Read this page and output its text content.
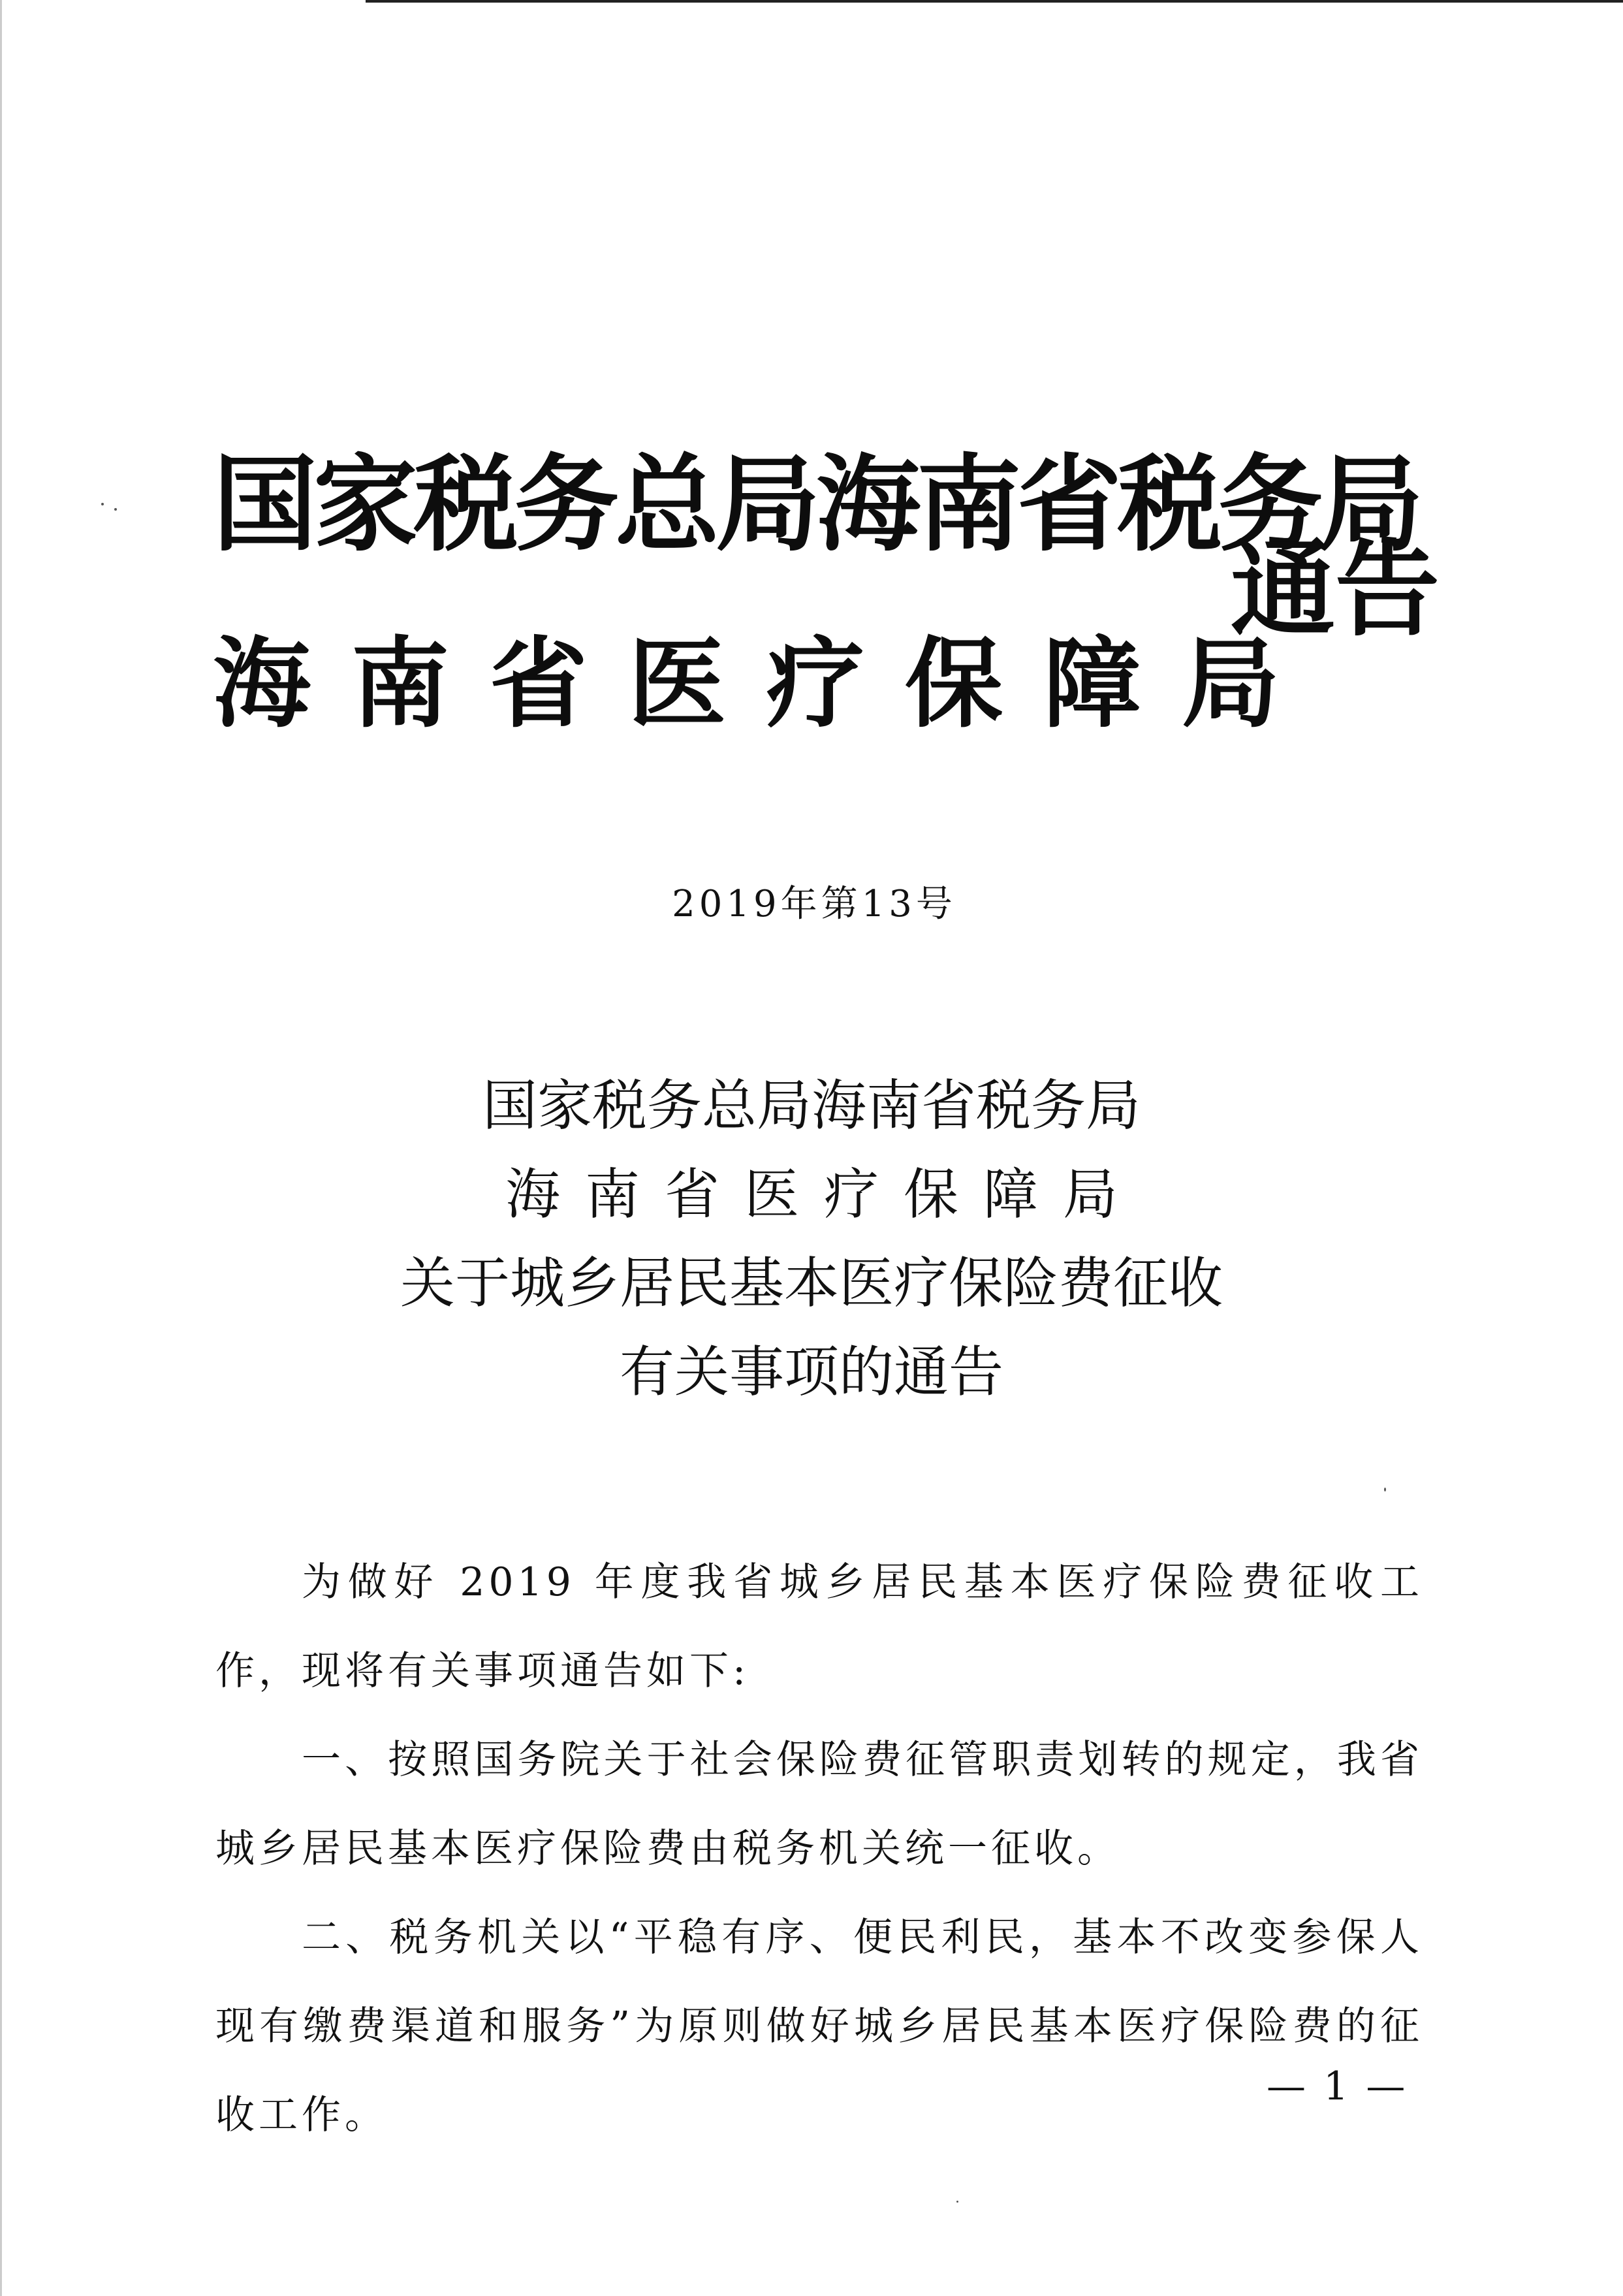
国家税务总局海南省税务局
海南省医疗保障局
通告
2019年第13号
国家税务总局海南省税务局
海南省医疗保障局
关于城乡居民基本医疗保险费征收
有关事项的通告

为做好 2019 年度我省城乡居民基本医疗保险费征收工作，现将有关事项通告如下:

一、按照国务院关于社会保险费征管职责划转的规定，我省城乡居民基本医疗保险费由税务机关统一征收。

二、税务机关以“平稳有序、便民利民，基本不改变参保人现有缴费渠道和服务”为原则做好城乡居民基本医疗保险费的征收工作。

— 1 —
